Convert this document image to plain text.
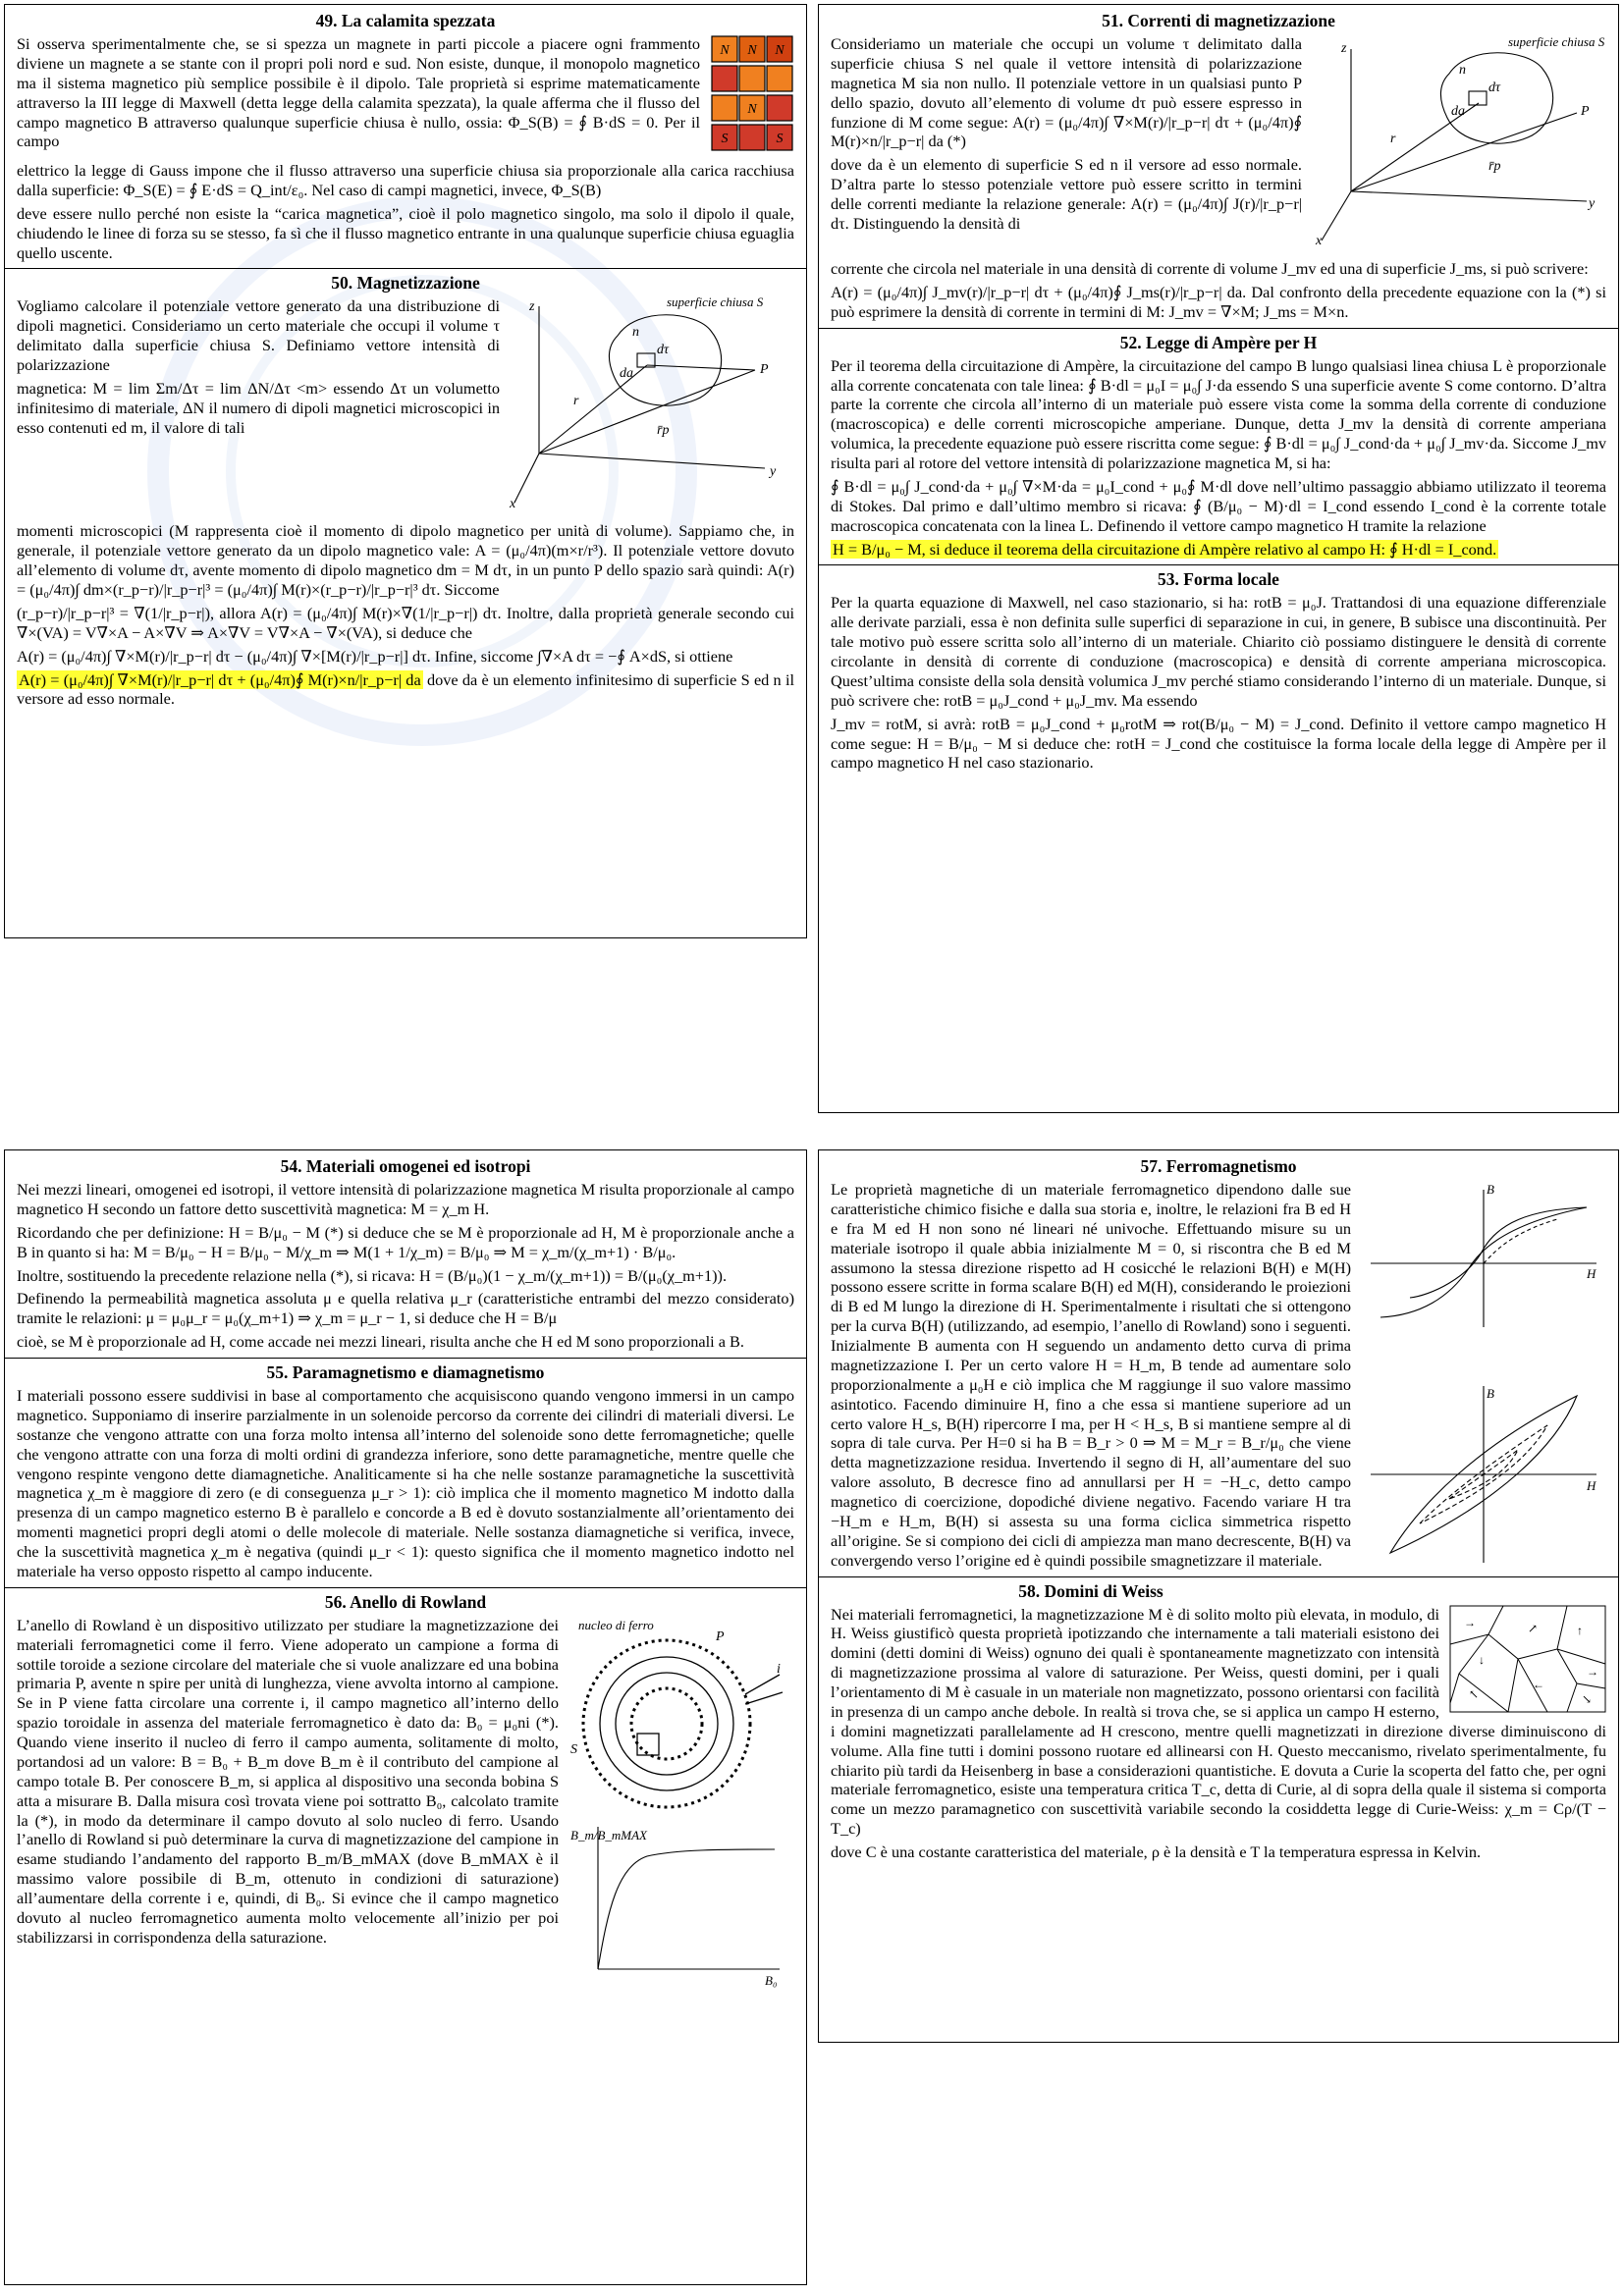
49. La calamita spezzata
N N N
N
S	S

Si osserva sperimentalmente che, se si spezza un magnete in parti piccole a piacere ogni frammento diviene un magnete a se stante con il propri poli nord e sud. Non esiste, dunque, il monopolo magnetico ma il sistema magnetico più semplice possibile è il dipolo. Tale proprietà si esprime matematicamente attraverso la III legge di Maxwell (detta legge della calamita spezzata), la quale afferma che il flusso del campo magnetico B attraverso qualunque superficie chiusa è nullo, ossia: Φ_S(B) = ∮ B·dS = 0. Per il campo

elettrico la legge di Gauss impone che il flusso attraverso una superficie chiusa sia proporzionale alla carica racchiusa dalla superficie: Φ_S(E) = ∮ E·dS = Q_int/ε₀. Nel caso di campi magnetici, invece, Φ_S(B)

deve essere nullo perché non esiste la “carica magnetica”, cioè il polo magnetico singolo, ma solo il dipolo il quale, chiudendo le linee di forza su se stesso, fa sì che il flusso magnetico entrante in una qualunque superficie chiusa eguaglia quello uscente.

50. Magnetizzazione
z
y
x
P
n
da
dτ
r
r̄p
superficie chiusa S

Vogliamo calcolare il potenziale vettore generato da una distribuzione di dipoli magnetici. Consideriamo un certo materiale che occupi il volume τ delimitato dalla superficie chiusa S. Definiamo vettore intensità di polarizzazione

magnetica: M = lim Σm/Δτ = lim ΔN/Δτ <m> essendo Δτ un volumetto infinitesimo di materiale, ΔN il numero di dipoli magnetici microscopici in esso contenuti ed m, il valore di tali

momenti microscopici (M rappresenta cioè il momento di dipolo magnetico per unità di volume). Sappiamo che, in generale, il potenziale vettore generato da un dipolo magnetico vale: A = (μ₀/4π)(m×r/r³). Il potenziale vettore dovuto all’elemento di volume dτ, avente momento di dipolo magnetico dm = M dτ, in un punto P dello spazio sarà quindi: A(r) = (μ₀/4π)∫ dm×(r_p−r)/|r_p−r|³ = (μ₀/4π)∫ M(r)×(r_p−r)/|r_p−r|³ dτ. Siccome

(r_p−r)/|r_p−r|³ = ∇(1/|r_p−r|), allora A(r) = (μ₀/4π)∫ M(r)×∇(1/|r_p−r|) dτ. Inoltre, dalla proprietà generale secondo cui ∇×(VA) = V∇×A − A×∇V ⇒ A×∇V = V∇×A − ∇×(VA), si deduce che

A(r) = (μ₀/4π)∫ ∇×M(r)/|r_p−r| dτ − (μ₀/4π)∫ ∇×[M(r)/|r_p−r|] dτ. Infine, siccome ∫∇×A dτ = −∮ A×dS, si ottiene

A(r) = (μ₀/4π)∫ ∇×M(r)/|r_p−r| dτ + (μ₀/4π)∮ M(r)×n/|r_p−r| da dove da è un elemento infinitesimo di superficie S ed n il versore ad esso normale.

51. Correnti di magnetizzazione
z
y
x
P
n
da
dτ
r
r̄p
superficie chiusa S

Consideriamo un materiale che occupi un volume τ delimitato dalla superficie chiusa S nel quale il vettore intensità di polarizzazione magnetica M sia non nullo. Il potenziale vettore in un qualsiasi punto P dello spazio, dovuto all’elemento di volume dτ può essere espresso in funzione di M come segue: A(r) = (μ₀/4π)∫ ∇×M(r)/|r_p−r| dτ + (μ₀/4π)∮ M(r)×n/|r_p−r| da (*)

dove da è un elemento di superficie S ed n il versore ad esso normale. D’altra parte lo stesso potenziale vettore può essere scritto in termini delle correnti mediante la relazione generale: A(r) = (μ₀/4π)∫ J(r)/|r_p−r| dτ. Distinguendo la densità di

corrente che circola nel materiale in una densità di corrente di volume J_mv ed una di superficie J_ms, si può scrivere:

A(r) = (μ₀/4π)∫ J_mv(r)/|r_p−r| dτ + (μ₀/4π)∮ J_ms(r)/|r_p−r| da. Dal confronto della precedente equazione con la (*) si può esprimere la densità di corrente in termini di M: J_mv = ∇×M; J_ms = M×n.

52. Legge di Ampère per H

Per il teorema della circuitazione di Ampère, la circuitazione del campo B lungo qualsiasi linea chiusa L è proporzionale alla corrente concatenata con tale linea: ∮ B·dl = μ₀I = μ₀∫ J·da essendo S una superficie avente S come contorno. D’altra parte la corrente che circola all’interno di un materiale può essere vista come la somma della corrente di conduzione (macroscopica) e delle correnti microscopiche amperiane. Dunque, detta J_mv la densità di corrente amperiana volumica, la precedente equazione può essere riscritta come segue: ∮ B·dl = μ₀∫ J_cond·da + μ₀∫ J_mv·da. Siccome J_mv risulta pari al rotore del vettore intensità di polarizzazione magnetica M, si ha:

∮ B·dl = μ₀∫ J_cond·da + μ₀∫ ∇×M·da = μ₀I_cond + μ₀∮ M·dl dove nell’ultimo passaggio abbiamo utilizzato il teorema di Stokes. Dal primo e dall’ultimo membro si ricava: ∮ (B/μ₀ − M)·dl = I_cond essendo I_cond è la corrente totale macroscopica concatenata con la linea L. Definendo il vettore campo magnetico H tramite la relazione

H = B/μ₀ − M, si deduce il teorema della circuitazione di Ampère relativo al campo H: ∮ H·dl = I_cond.

53. Forma locale

Per la quarta equazione di Maxwell, nel caso stazionario, si ha: rotB = μ₀J. Trattandosi di una equazione differenziale alle derivate parziali, essa è non definita sulle superfici di separazione in cui, in genere, B subisce una discontinuità. Per tale motivo può essere scritta solo all’interno di un materiale. Chiarito ciò possiamo distinguere le densità di corrente circolante in densità di corrente di conduzione (macroscopica) e densità di corrente amperiana microscopica. Quest’ultima consiste della sola densità volumica J_mv perché stiamo considerando l’interno di un materiale. Dunque, si può scrivere che: rotB = μ₀J_cond + μ₀J_mv. Ma essendo

J_mv = rotM, si avrà: rotB = μ₀J_cond + μ₀rotM ⇒ rot(B/μ₀ − M) = J_cond. Definito il vettore campo magnetico H come segue: H = B/μ₀ − M si deduce che: rotH = J_cond che costituisce la forma locale della legge di Ampère per il campo magnetico H nel caso stazionario.

54. Materiali omogenei ed isotropi

Nei mezzi lineari, omogenei ed isotropi, il vettore intensità di polarizzazione magnetica M risulta proporzionale al campo magnetico H secondo un fattore detto suscettività magnetica: M = χ_m H.

Ricordando che per definizione: H = B/μ₀ − M (*) si deduce che se M è proporzionale ad H, M è proporzionale anche a B in quanto si ha: M = B/μ₀ − H = B/μ₀ − M/χ_m ⇒ M(1 + 1/χ_m) = B/μ₀ ⇒ M = χ_m/(χ_m+1) · B/μ₀.

Inoltre, sostituendo la precedente relazione nella (*), si ricava: H = (B/μ₀)(1 − χ_m/(χ_m+1)) = B/(μ₀(χ_m+1)).

Definendo la permeabilità magnetica assoluta μ e quella relativa μ_r (caratteristiche entrambi del mezzo considerato) tramite le relazioni: μ = μ₀μ_r = μ₀(χ_m+1) ⇒ χ_m = μ_r − 1, si deduce che H = B/μ

cioè, se M è proporzionale ad H, come accade nei mezzi lineari, risulta anche che H ed M sono proporzionali a B.

55. Paramagnetismo e diamagnetismo

I materiali possono essere suddivisi in base al comportamento che acquisiscono quando vengono immersi in un campo magnetico. Supponiamo di inserire parzialmente in un solenoide percorso da corrente dei cilindri di materiali diversi. Le sostanze che vengono attratte con una forza molto intensa all’interno del solenoide sono dette ferromagnetiche; quelle che vengono attratte con una forza di molti ordini di grandezza inferiore, sono dette paramagnetiche, mentre quelle che vengono respinte vengono dette diamagnetiche. Analiticamente si ha che nelle sostanze paramagnetiche la suscettività magnetica χ_m è maggiore di zero (e di conseguenza μ_r > 1): ciò implica che il momento magnetico M indotto dalla presenza di un campo magnetico esterno B è parallelo e concorde a B ed è dovuto sostanzialmente all’orientamento dei momenti magnetici propri degli atomi o delle molecole di materiale. Nelle sostanza diamagnetiche si verifica, invece, che la suscettività magnetica χ_m è negativa (quindi μ_r < 1): questo significa che il momento magnetico indotto nel materiale ha verso opposto rispetto al campo inducente.

56. Anello di Rowland
nucleo di ferro
P
S
i
B_m/B_mMAX
B₀

L’anello di Rowland è un dispositivo utilizzato per studiare la magnetizzazione dei materiali ferromagnetici come il ferro. Viene adoperato un campione a forma di sottile toroide a sezione circolare del materiale che si vuole analizzare ed una bobina primaria P, avente n spire per unità di lunghezza, viene avvolta intorno al campione. Se in P viene fatta circolare una corrente i, il campo magnetico all’interno dello spazio toroidale in assenza del materiale ferromagnetico è dato da: B₀ = μ₀ni (*). Quando viene inserito il nucleo di ferro il campo aumenta, solitamente di molto, portandosi ad un valore: B = B₀ + B_m dove B_m è il contributo del campione al campo totale B. Per conoscere B_m, si applica al dispositivo una seconda bobina S atta a misurare B. Dalla misura così trovata viene poi sottratto B₀, calcolato tramite la (*), in modo da determinare il campo dovuto al solo nucleo di ferro. Usando l’anello di Rowland si può determinare la curva di magnetizzazione del campione in esame studiando l’andamento del rapporto B_m/B_mMAX (dove B_mMAX è il massimo valore possibile di B_m, ottenuto in condizioni di saturazione) all’aumentare della corrente i e, quindi, di B₀. Si evince che il campo magnetico dovuto al nucleo ferromagnetico aumenta molto velocemente all’inizio per poi stabilizzarsi in corrispondenza della saturazione.

57. Ferromagnetismo
B
H
B
H

Le proprietà magnetiche di un materiale ferromagnetico dipendono dalle sue caratteristiche chimico fisiche e dalla sua storia e, inoltre, le relazioni fra B ed H e fra M ed H non sono né lineari né univoche. Effettuando misure su un materiale isotropo il quale abbia inizialmente M = 0, si riscontra che B ed M assumono la stessa direzione rispetto ad H cosicché le relazioni B(H) e M(H) possono essere scritte in forma scalare B(H) ed M(H), considerando le proiezioni di B ed M lungo la direzione di H. Sperimentalmente i risultati che si ottengono per la curva B(H) (utilizzando, ad esempio, l’anello di Rowland) sono i seguenti. Inizialmente B aumenta con H seguendo un andamento detto curva di prima magnetizzazione I. Per un certo valore H = H_m, B tende ad aumentare solo proporzionalmente a μ₀H e ciò implica che M raggiunge il suo valore massimo asintotico. Facendo diminuire H, fino a che essa si mantiene superiore ad un certo valore H_s, B(H) ripercorre I ma, per H < H_s, B si mantiene sempre al di sopra di tale curva. Per H=0 si ha B = B_r > 0 ⇒ M = M_r = B_r/μ₀ che viene detta magnetizzazione residua. Invertendo il segno di H, all’aumentare del suo valore assoluto, B decresce fino ad annullarsi per H = −H_c, detto campo magnetico di coercizione, dopodiché diviene negativo. Facendo variare H tra −H_m e H_m, B(H) si assesta su una forma ciclica simmetrica rispetto all’origine. Se si compiono dei cicli di ampiezza man mano decrescente, B(H) va convergendo verso l’origine ed è quindi possibile smagnetizzare il materiale.

58. Domini di Weiss
→	↗	↑
↓
←
↘
↖
→

Nei materiali ferromagnetici, la magnetizzazione M è di solito molto più elevata, in modulo, di H. Weiss giustificò questa proprietà ipotizzando che internamente a tali materiali esistono dei domini (detti domini di Weiss) ognuno dei quali è spontaneamente magnetizzato con intensità di magnetizzazione prossima al valore di saturazione. Per Weiss, questi domini, per i quali l’orientamento di M è casuale in un materiale non magnetizzato, possono orientarsi con facilità in presenza di un campo anche debole. In realtà si trova che, se si applica un campo H esterno, i domini magnetizzati parallelamente ad H crescono, mentre quelli magnetizzati in direzione diverse diminuiscono di volume. Alla fine tutti i domini possono ruotare ed allinearsi con H. Questo meccanismo, rivelato sperimentalmente, fu chiarito più tardi da Heisenberg in base a considerazioni quantistiche. E dovuta a Curie la scoperta del fatto che, per ogni materiale ferromagnetico, esiste una temperatura critica T_c, detta di Curie, al di sopra della quale il sistema si comporta come un mezzo paramagnetico con suscettività variabile secondo la cosiddetta legge di Curie-Weiss: χ_m = Cρ/(T − T_c)

dove C è una costante caratteristica del materiale, ρ è la densità e T la temperatura espressa in Kelvin.
